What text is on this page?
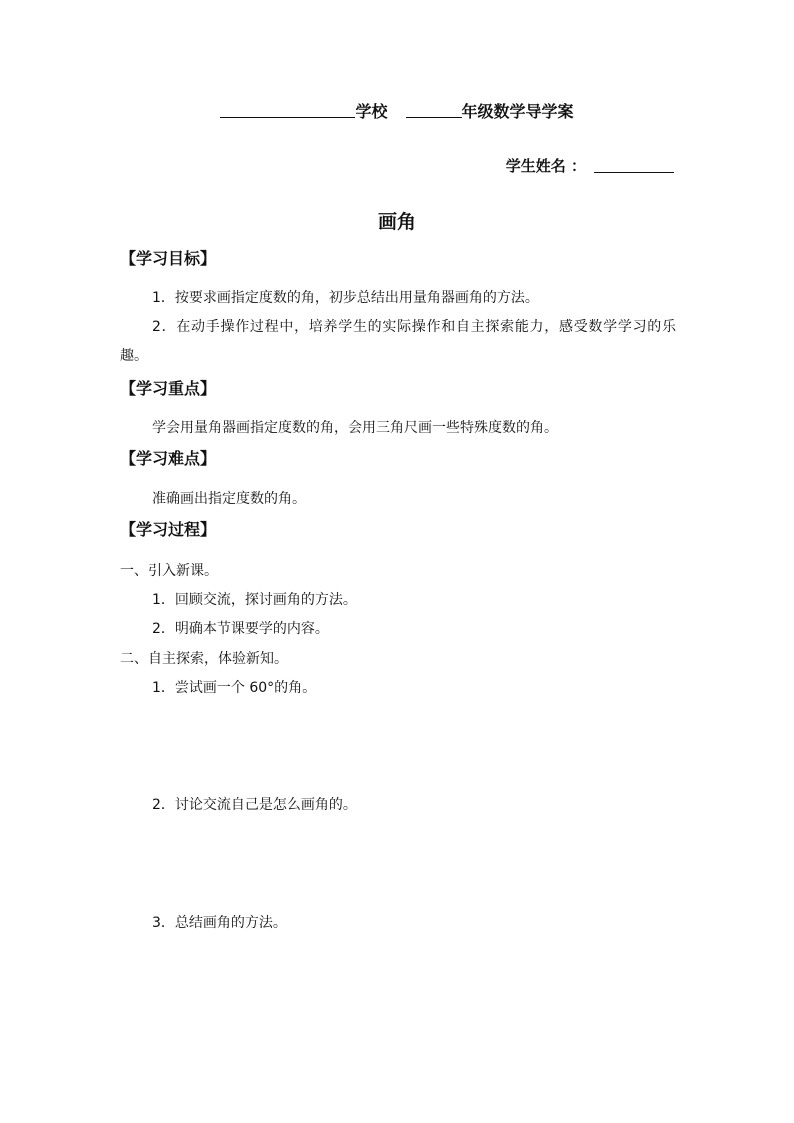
学校	年级数学导学案
学生姓名 ：
画角
【学习目标】
1．按要求画指定度数的角，初步总结出用量角器画角的方法。
2．在动手操作过程中，培养学生的实际操作和自主探索能力，感受数学学习的乐趣。
【学习重点】
学会用量角器画指定度数的角，会用三角尺画一些特殊度数的角。
【学习难点】
准确画出指定度数的角。
【学习过程】
一、引入新课。
1．回顾交流，探讨画角的方法。
2．明确本节课要学的内容。
二、自主探索，体验新知。
1．尝试画一个 60°的角。
2．讨论交流自己是怎么画角的。
3．总结画角的方法。
